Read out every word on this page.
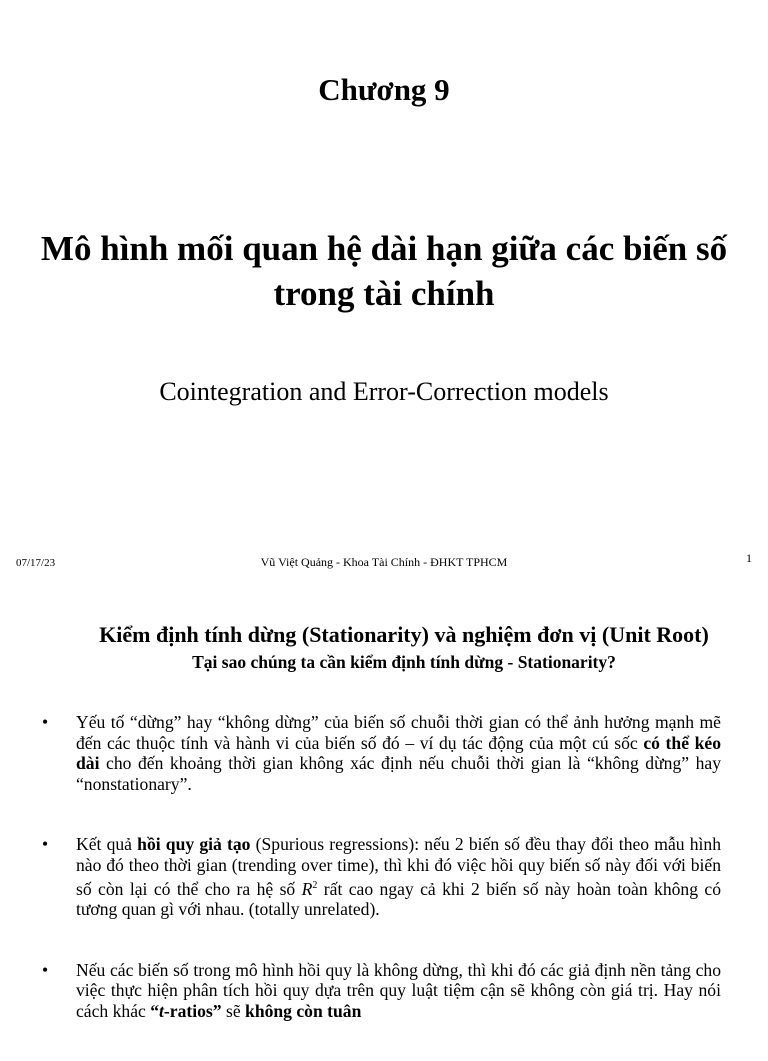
Chương 9
Mô hình mối quan hệ dài hạn giữa các biến số trong tài chính
Cointegration and Error-Correction models
07/17/23	Vũ Việt Quảng - Khoa Tài Chính - ĐHKT TPHCM	1
Kiểm định tính dừng (Stationarity) và nghiệm đơn vị (Unit Root)
Tại sao chúng ta cần kiểm định tính dừng - Stationarity?
• Yếu tố “dừng” hay “không dừng” của biến số chuỗi thời gian có thể ảnh hưởng mạnh mẽ đến các thuộc tính và hành vi của biến số đó – ví dụ tác động của một cú sốc có thể kéo dài cho đến khoảng thời gian không xác định nếu chuỗi thời gian là “không dừng” hay “nonstationary”.
• Kết quả hồi quy giả tạo (Spurious regressions): nếu 2 biến số đều thay đổi theo mẫu hình nào đó theo thời gian (trending over time), thì khi đó việc hồi quy biến số này đối với biến số còn lại có thể cho ra hệ số $R^2$ rất cao ngay cả khi 2 biến số này hoàn toàn không có tương quan gì với nhau. (totally unrelated).
• Nếu các biến số trong mô hình hồi quy là không dừng, thì khi đó các giả định nền tảng cho việc thực hiện phân tích hồi quy dựa trên quy luật tiệm cận sẽ không còn giá trị. Hay nói cách khác “t-ratios” sẽ không còn tuân
